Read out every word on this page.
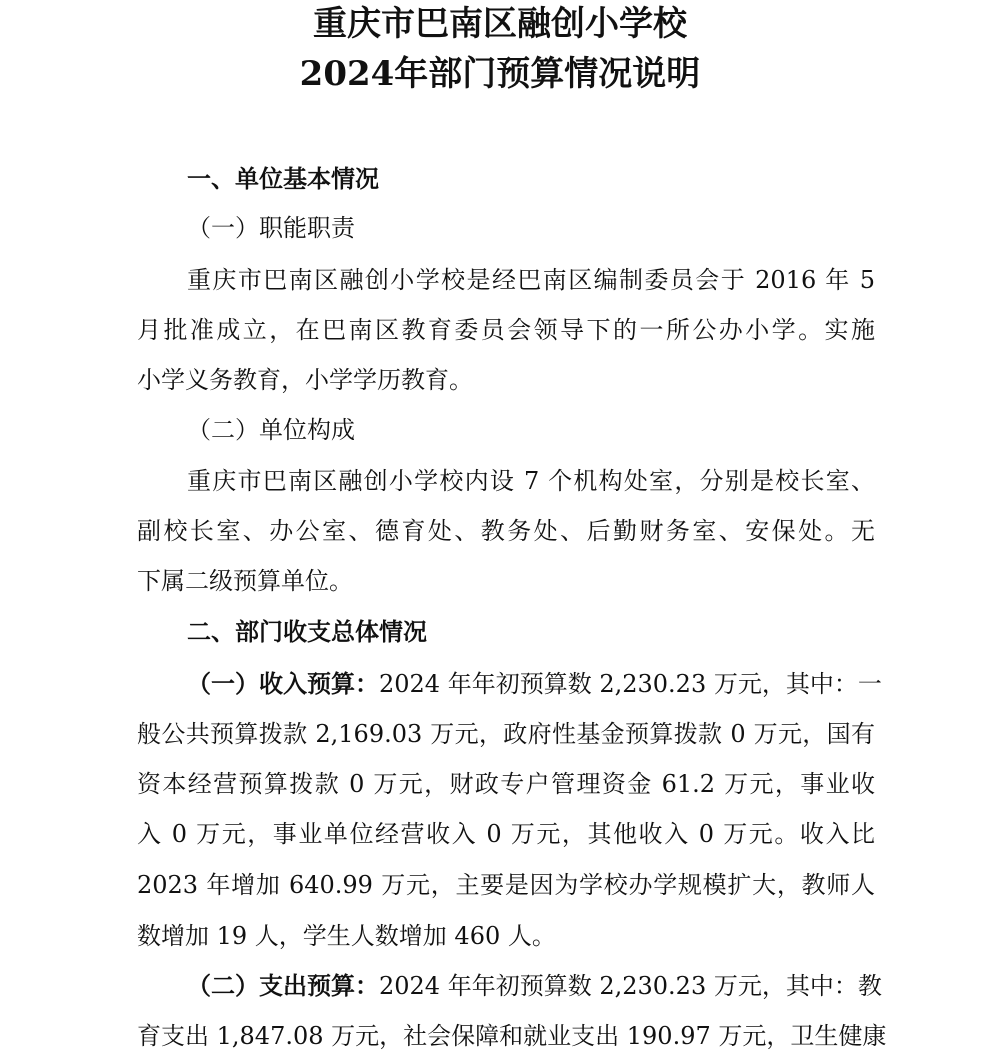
重庆市巴南区融创小学校
2024年部门预算情况说明
一、单位基本情况
（一）职能职责
重庆市巴南区融创小学校是经巴南区编制委员会于 2016 年 5
月批准成立，在巴南区教育委员会领导下的一所公办小学。实施
小学义务教育，小学学历教育。
（二）单位构成
重庆市巴南区融创小学校内设 7 个机构处室，分别是校长室、
副校长室、办公室、德育处、教务处、后勤财务室、安保处。无
下属二级预算单位。
二、部门收支总体情况
（一）收入预算：2024 年年初预算数 2,230.23 万元，其中：一
般公共预算拨款 2,169.03 万元，政府性基金预算拨款 0 万元，国有
资本经营预算拨款 0 万元，财政专户管理资金 61.2 万元，事业收
入 0 万元，事业单位经营收入 0 万元，其他收入 0 万元。收入比
2023 年增加 640.99 万元，主要是因为学校办学规模扩大，教师人
数增加 19 人，学生人数增加 460 人。
（二）支出预算：2024 年年初预算数 2,230.23 万元，其中：教
育支出 1,847.08 万元，社会保障和就业支出 190.97 万元，卫生健康
